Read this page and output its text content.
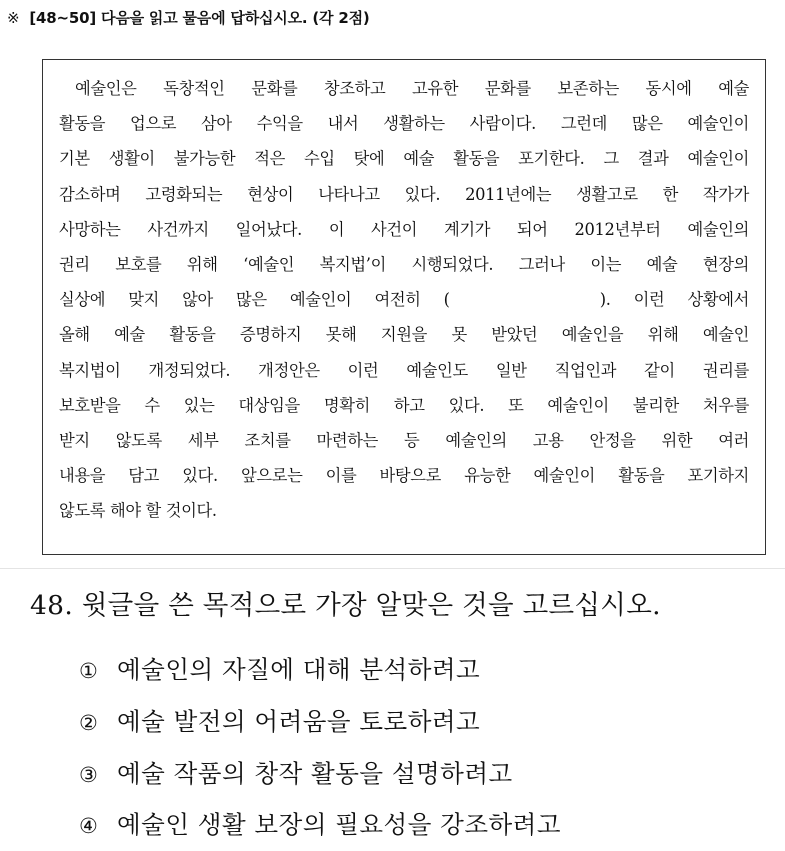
※ [48~50] 다음을 읽고 물음에 답하십시오. (각 2점)
예술인은 독창적인 문화를 창조하고 고유한 문화를 보존하는 동시에 예술
활동을 업으로 삼아 수익을 내서 생활하는 사람이다. 그런데 많은 예술인이
기본 생활이 불가능한 적은 수입 탓에 예술 활동을 포기한다. 그 결과 예술인이
감소하며 고령화되는 현상이 나타나고 있다. 2011년에는 생활고로 한 작가가
사망하는 사건까지 일어났다. 이 사건이 계기가 되어 2012년부터 예술인의
권리 보호를 위해 ‘예술인 복지법’이 시행되었다. 그러나 이는 예술 현장의
실상에 맞지 않아 많은 예술인이 여전히 (	). 이런 상황에서
올해 예술 활동을 증명하지 못해 지원을 못 받았던 예술인을 위해 예술인
복지법이 개정되었다. 개정안은 이런 예술인도 일반 직업인과 같이 권리를
보호받을 수 있는 대상임을 명확히 하고 있다. 또 예술인이 불리한 처우를
받지 않도록 세부 조치를 마련하는 등 예술인의 고용 안정을 위한 여러
내용을 담고 있다. 앞으로는 이를 바탕으로 유능한 예술인이 활동을 포기하지
않도록 해야 할 것이다.
48. 윗글을 쓴 목적으로 가장 알맞은 것을 고르십시오.
① 예술인의 자질에 대해 분석하려고
② 예술 발전의 어려움을 토로하려고
③ 예술 작품의 창작 활동을 설명하려고
④ 예술인 생활 보장의 필요성을 강조하려고
